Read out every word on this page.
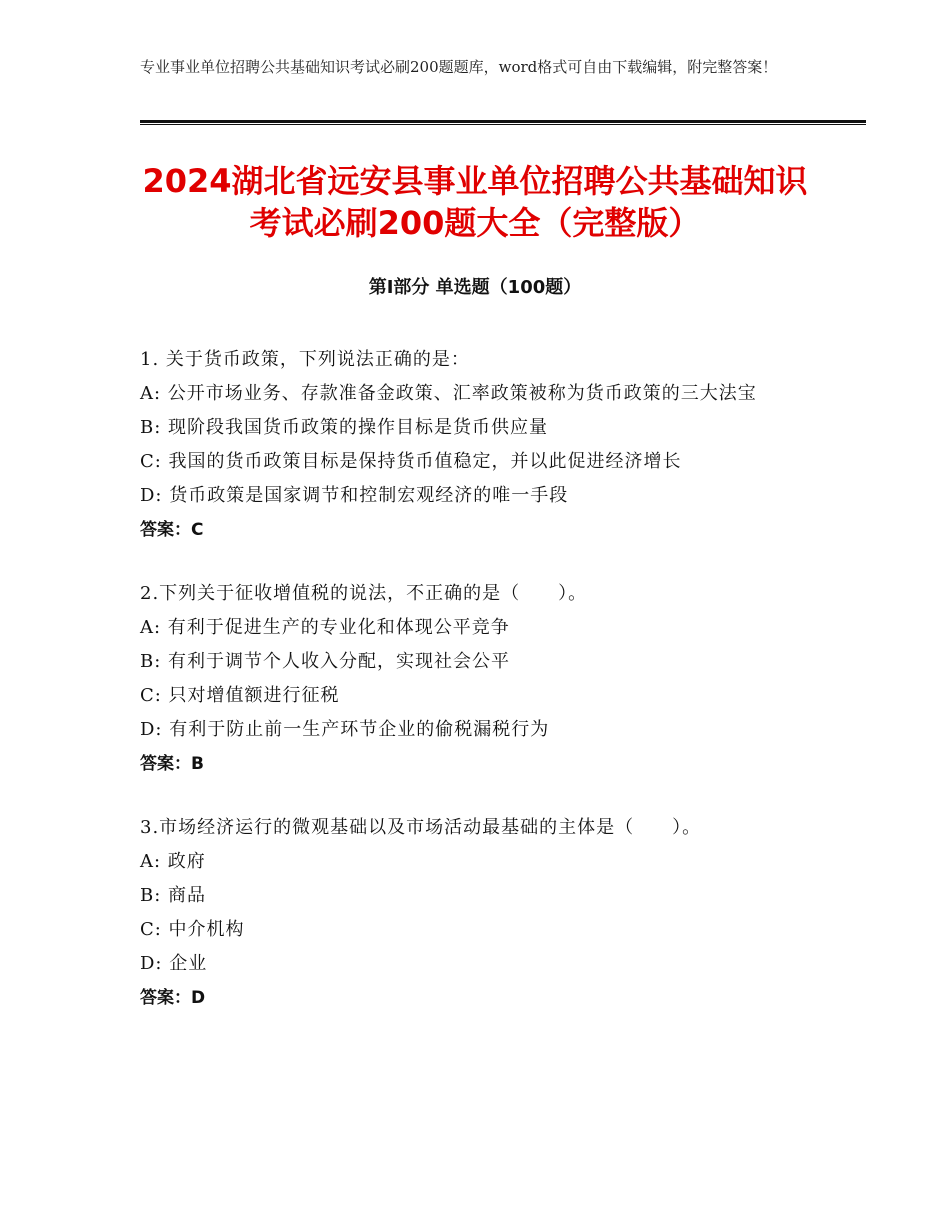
专业事业单位招聘公共基础知识考试必刷200题题库，word格式可自由下载编辑，附完整答案！
2024湖北省远安县事业单位招聘公共基础知识考试必刷200题大全（完整版）
第Ⅰ部分 单选题（100题）
1. 关于货币政策，下列说法正确的是：
A: 公开市场业务、存款准备金政策、汇率政策被称为货币政策的三大法宝
B: 现阶段我国货币政策的操作目标是货币供应量
C: 我国的货币政策目标是保持货币值稳定，并以此促进经济增长
D: 货币政策是国家调节和控制宏观经济的唯一手段
答案：C
2.下列关于征收增值税的说法，不正确的是（　　）。
A: 有利于促进生产的专业化和体现公平竞争
B: 有利于调节个人收入分配，实现社会公平
C: 只对增值额进行征税
D: 有利于防止前一生产环节企业的偷税漏税行为
答案：B
3.市场经济运行的微观基础以及市场活动最基础的主体是（　　）。
A: 政府
B: 商品
C: 中介机构
D: 企业
答案：D
